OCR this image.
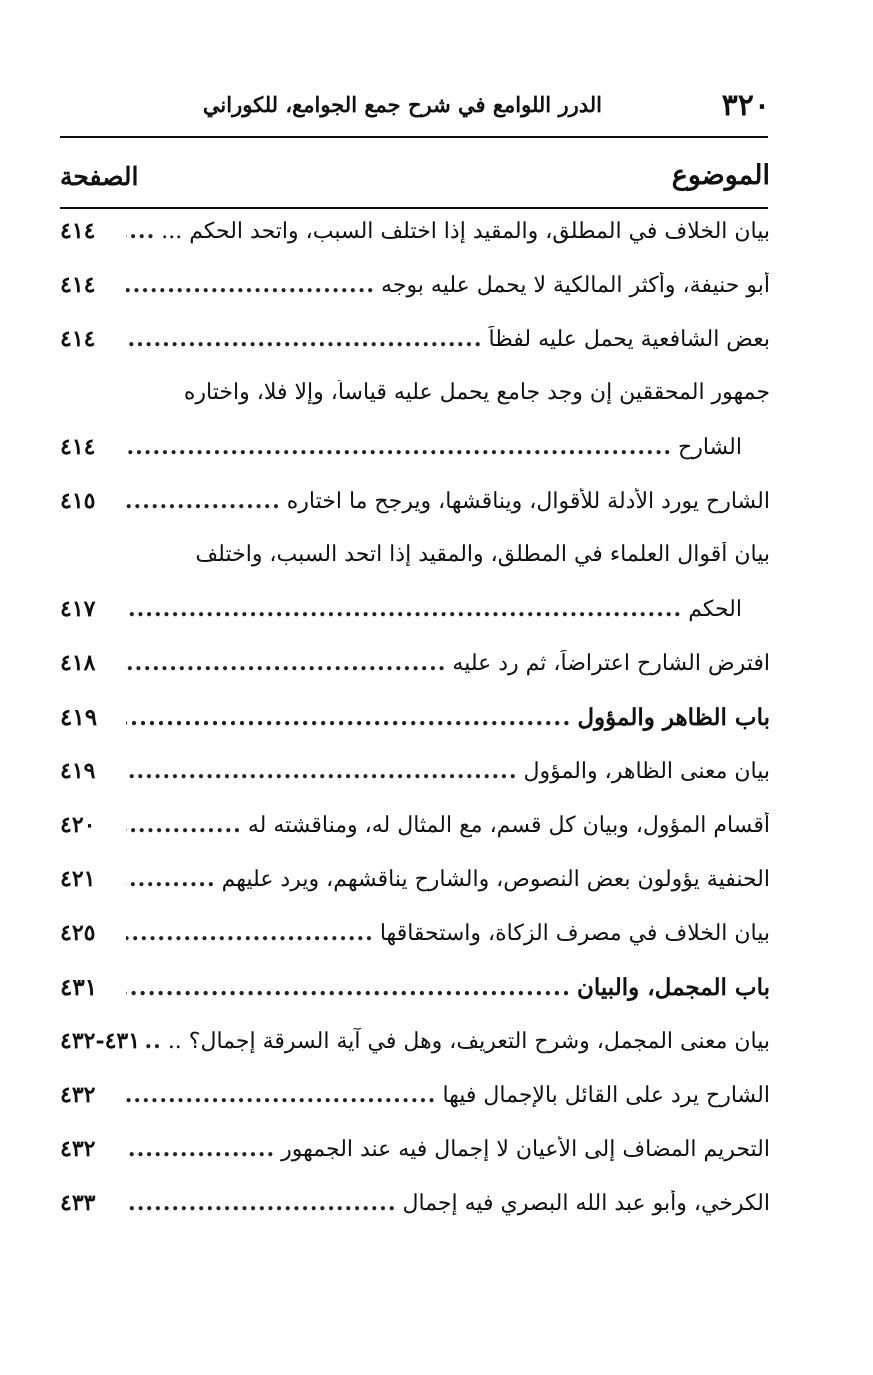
٣٢٠
الدرر اللوامع في شرح جمع الجوامع، للكوراني
الموضوع
الصفحة
بيان الخلاف في المطلق، والمقيد إذا اختلف السبب، واتحد الحكم ...
.....
٤١٤
أبو حنيفة، وأكثر المالكية لا يحمل عليه بوجه
.....
٤١٤
بعض الشافعية يحمل عليه لفظاً
.....
٤١٤
جمهور المحققين إن وجد جامع يحمل عليه قياساً، وإلا فلا، واختاره
الشارح
.....
٤١٤
الشارح يورد الأدلة للأقوال، ويناقشها، ويرجح ما اختاره
.....
٤١٥
بيان أقوال العلماء في المطلق، والمقيد إذا اتحد السبب، واختلف
الحكم
.....
٤١٧
افترض الشارح اعتراضاً، ثم رد عليه
.....
٤١٨
باب الظاهر والمؤول
.....
٤١٩
بيان معنى الظاهر، والمؤول
.....
٤١٩
أقسام المؤول، وبيان كل قسم، مع المثال له، ومناقشته له
.....
٤٢٠
الحنفية يؤولون بعض النصوص، والشارح يناقشهم، ويرد عليهم
.....
٤٢١
بيان الخلاف في مصرف الزكاة، واستحقاقها
.....
٤٢٥
باب المجمل، والبيان
.....
٤٣١
بيان معنى المجمل، وشرح التعريف، وهل في آية السرقة إجمال؟ ..
.....
٤٣١-٤٣٢
الشارح يرد على القائل بالإجمال فيها
.....
٤٣٢
التحريم المضاف إلى الأعيان لا إجمال فيه عند الجمهور
.....
٤٣٢
الكرخي، وأبو عبد الله البصري فيه إجمال
.....
٤٣٣
